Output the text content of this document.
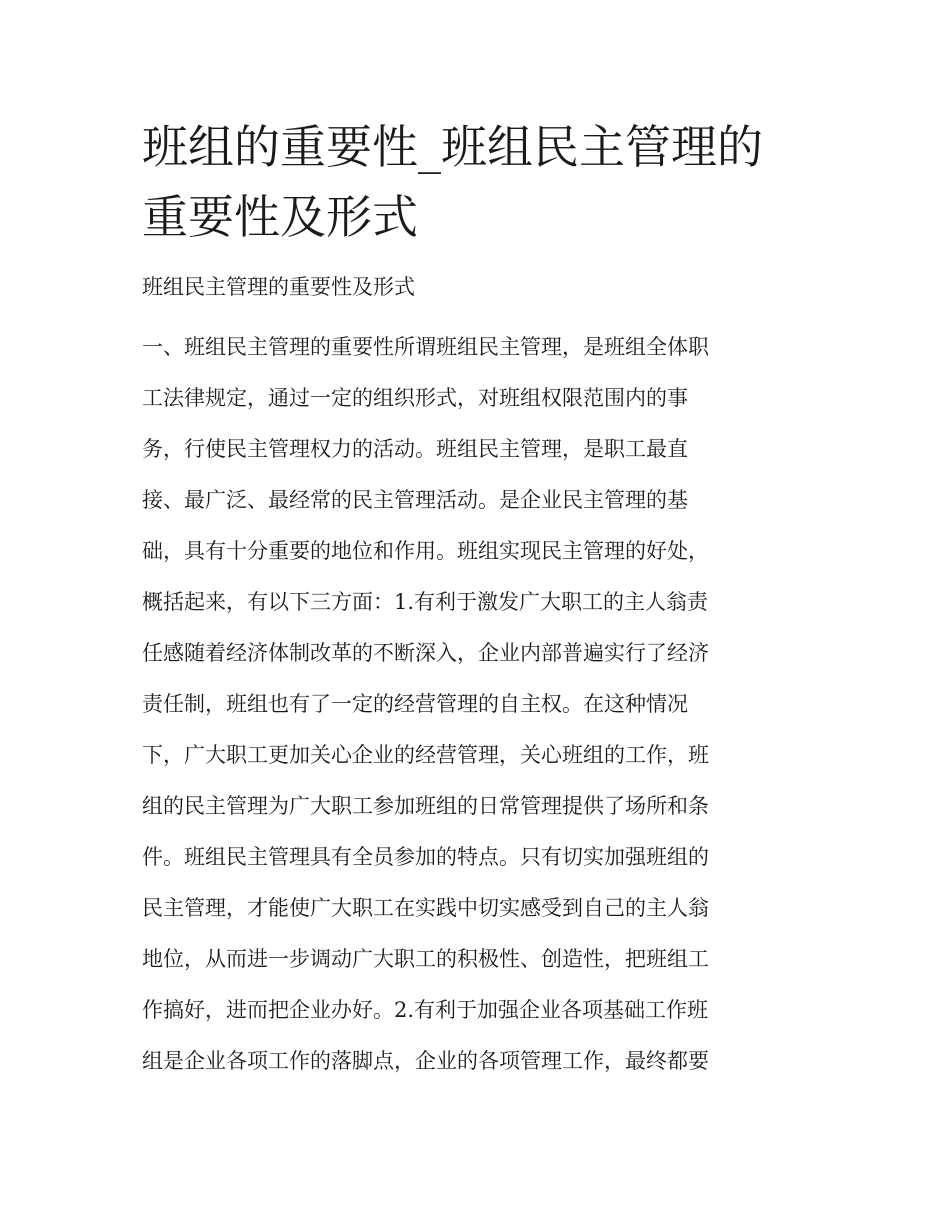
班组的重要性_班组民主管理的
重要性及形式

班组民主管理的重要性及形式

一、班组民主管理的重要性所谓班组民主管理，是班组全体职
工法律规定，通过一定的组织形式，对班组权限范围内的事
务，行使民主管理权力的活动。班组民主管理，是职工最直
接、最广泛、最经常的民主管理活动。是企业民主管理的基
础，具有十分重要的地位和作用。班组实现民主管理的好处，
概括起来，有以下三方面：1.有利于激发广大职工的主人翁责
任感随着经济体制改革的不断深入，企业内部普遍实行了经济
责任制，班组也有了一定的经营管理的自主权。在这种情况
下，广大职工更加关心企业的经营管理，关心班组的工作，班
组的民主管理为广大职工参加班组的日常管理提供了场所和条
件。班组民主管理具有全员参加的特点。只有切实加强班组的
民主管理，才能使广大职工在实践中切实感受到自己的主人翁
地位，从而进一步调动广大职工的积极性、创造性，把班组工
作搞好，进而把企业办好。2.有利于加强企业各项基础工作班
组是企业各项工作的落脚点，企业的各项管理工作，最终都要
